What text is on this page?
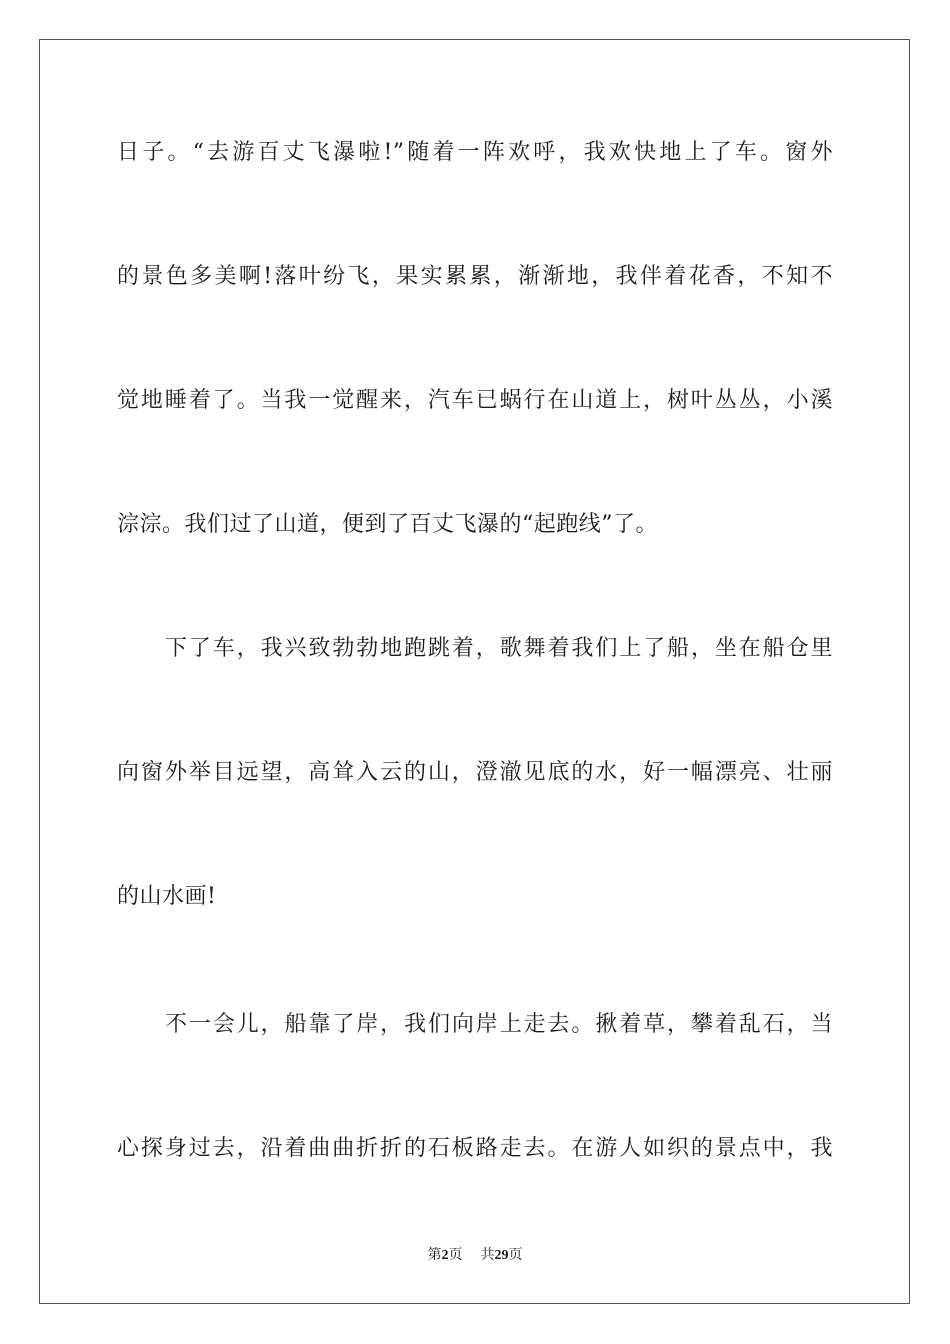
日子。“去游百丈飞瀑啦!”随着一阵欢呼，我欢快地上了车。窗外
的景色多美啊!落叶纷飞，果实累累，渐渐地，我伴着花香，不知不
觉地睡着了。当我一觉醒来，汽车已蜗行在山道上，树叶丛丛，小溪
淙淙。我们过了山道，便到了百丈飞瀑的“起跑线”了。
下了车，我兴致勃勃地跑跳着，歌舞着我们上了船，坐在船仓里
向窗外举目远望，高耸入云的山，澄澈见底的水，好一幅漂亮、壮丽
的山水画!
不一会儿，船靠了岸，我们向岸上走去。揪着草，攀着乱石，当
心探身过去，沿着曲曲折折的石板路走去。在游人如织的景点中，我
第2页 共29页
